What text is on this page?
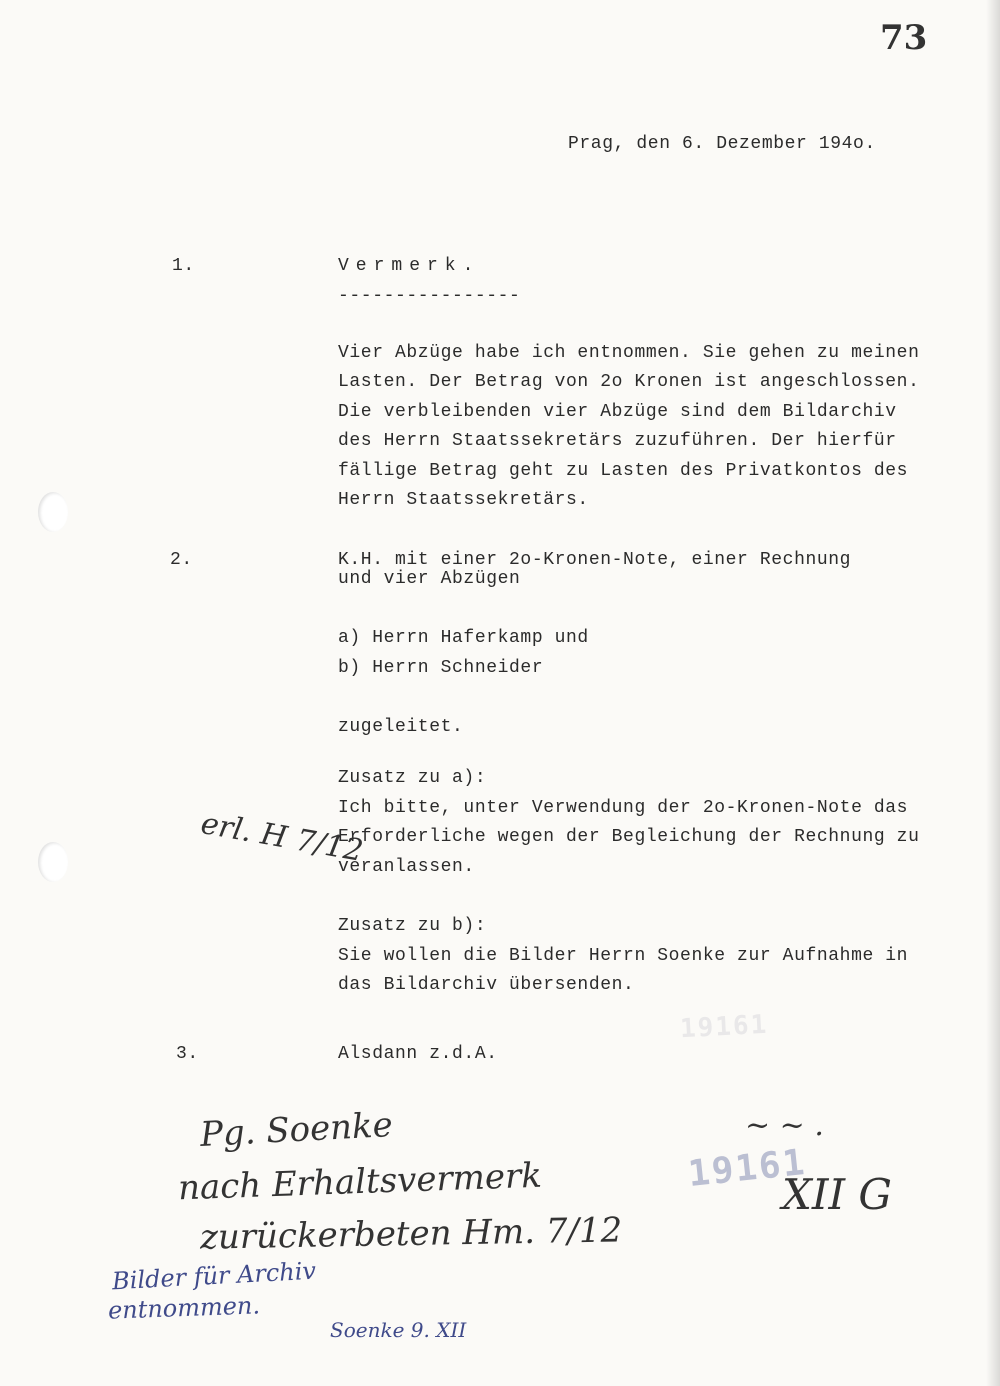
73
Prag, den 6. Dezember 194o.
1.	Vermerk.
----------------
Vier Abzüge habe ich entnommen. Sie gehen zu meinen
Lasten. Der Betrag von 2o Kronen ist angeschlossen.
Die verbleibenden vier Abzüge sind dem Bildarchiv
des Herrn Staatssekretärs zuzuführen. Der hierfür
fällige Betrag geht zu Lasten des Privatkontos des
Herrn Staatssekretärs.
2.	K.H. mit einer 2o-Kronen-Note, einer Rechnung
und vier Abzügen
a) Herrn Haferkamp und
b) Herrn Schneider
zugeleitet.
Zusatz zu a):
Ich bitte, unter Verwendung der 2o-Kronen-Note das
Erforderliche wegen der Begleichung der Rechnung zu
veranlassen.
Zusatz zu b):
Sie wollen die Bilder Herrn Soenke zur Aufnahme in
das Bildarchiv übersenden.
3.	Alsdann z.d.A.
erl. H 7/12
19161
Pg. Soenke
nach Erhaltsvermerk
zurückerbeten Hm. 7/12
~ ~ .
XII G
19161
Bilder für Archiv
entnommen.
Soenke 9. XII
